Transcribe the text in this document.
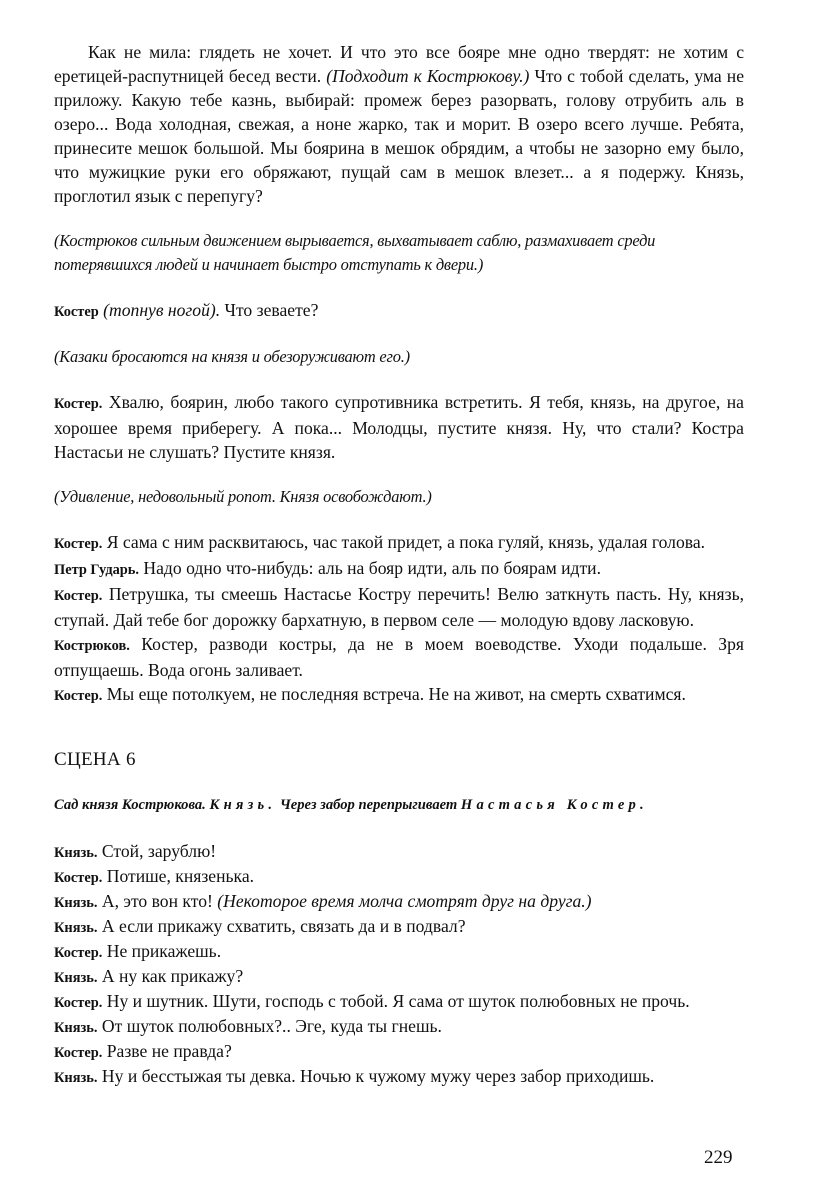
Как не мила: глядеть не хочет. И что это все бояре мне одно твердят: не хотим с еретицей-распутницей бесед вести. (Подходит к Кострюкову.) Что с тобой сделать, ума не приложу. Какую тебе казнь, выбирай: промеж берез разорвать, голову отрубить аль в озеро... Вода холодная, свежая, а ноне жарко, так и морит. В озеро всего лучше. Ребята, принесите мешок большой. Мы боярина в мешок обрядим, а чтобы не зазорно ему было, что мужицкие руки его обряжают, пущай сам в мешок влезет... а я подержу. Князь, проглотил язык с перепугу?

(Кострюков сильным движением вырывается, выхватывает саблю, размахивает среди потерявшихся людей и начинает быстро отступать к двери.)

Костер (топнув ногой). Что зеваете?

(Казаки бросаются на князя и обезоруживают его.)

Костер. Хвалю, боярин, любо такого супротивника встретить. Я тебя, князь, на другое, на хорошее время приберегу. А пока... Молодцы, пустите князя. Ну, что стали? Костра Настасьи не слушать? Пустите князя.

(Удивление, недовольный ропот. Князя освобождают.)

Костер. Я сама с ним расквитаюсь, час такой придет, а пока гуляй, князь, удалая голова.

Петр Гударь. Надо одно что-нибудь: аль на бояр идти, аль по боярам идти.

Костер. Петрушка, ты смеешь Настасье Костру перечить! Велю заткнуть пасть. Ну, князь, ступай. Дай тебе бог дорожку бархатную, в первом селе — молодую вдову ласковую.

Кострюков. Костер, разводи костры, да не в моем воеводстве. Уходи подальше. Зря отпущаешь. Вода огонь заливает.

Костер. Мы еще потолкуем, не последняя встреча. Не на живот, на смерть схватимся.

СЦЕНА 6

Сад князя Кострюкова. Князь. Через забор перепрыгивает Настасья Костер.

Князь. Стой, зарублю!

Костер. Потише, князенька.

Князь. А, это вон кто! (Некоторое время молча смотрят друг на друга.)

Князь. А если прикажу схватить, связать да и в подвал?

Костер. Не прикажешь.

Князь. А ну как прикажу?

Костер. Ну и шутник. Шути, господь с тобой. Я сама от шуток полюбовных не прочь.

Князь. От шуток полюбовных?.. Эге, куда ты гнешь.

Костер. Разве не правда?

Князь. Ну и бесстыжая ты девка. Ночью к чужому мужу через забор приходишь.

229
